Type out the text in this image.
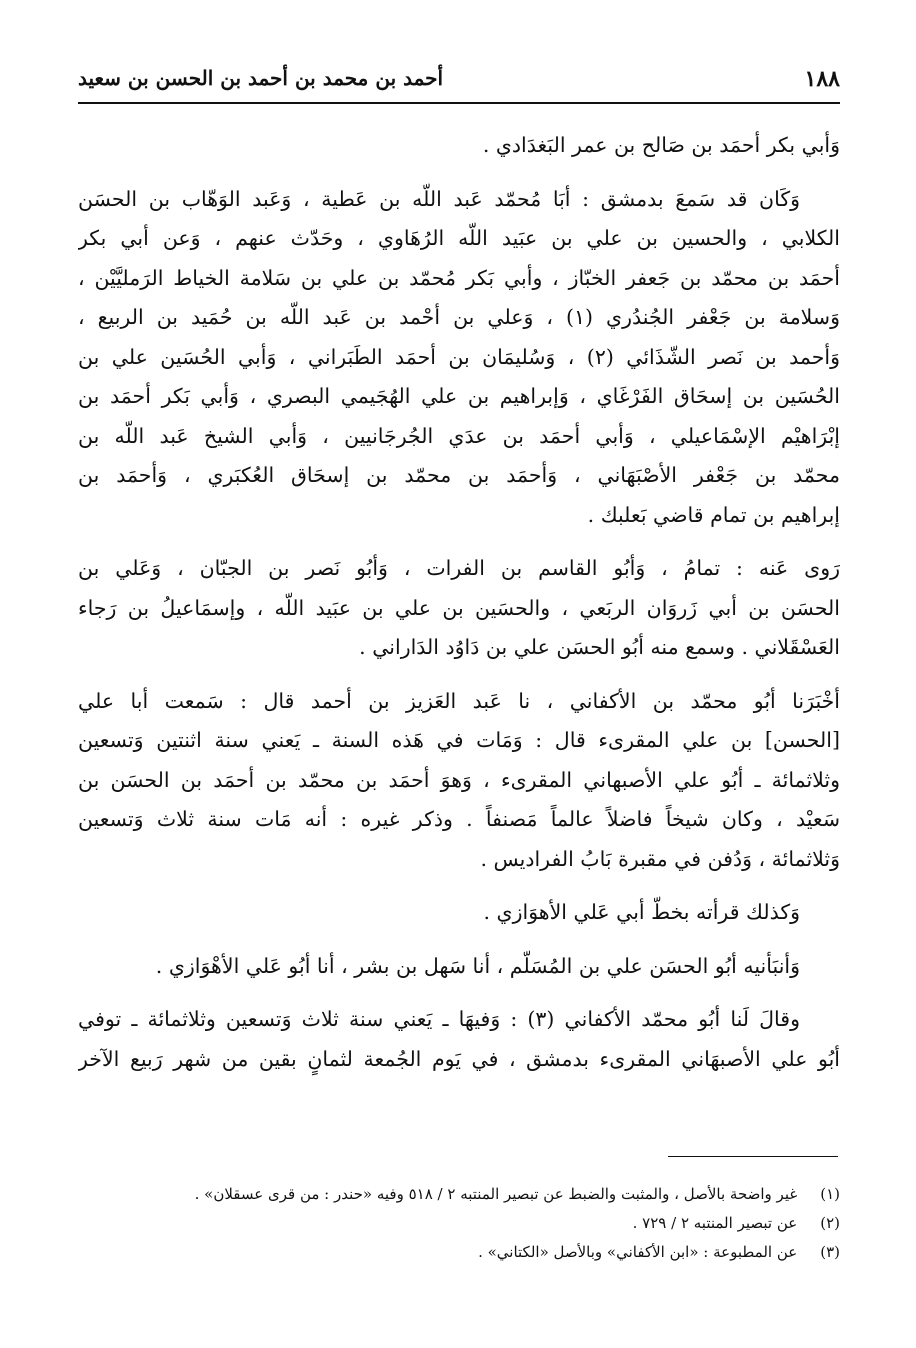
١٨٨
أحمد بن محمد بن أحمد بن الحسن بن سعيد
وَأبي بكر أحمَد بن صَالح بن عمر البَغدَادي .
وَكَان قد سَمعَ بدمشق : أبَا مُحمّد عَبد اللّه بن عَطية ، وَعَبد الوَهّاب بن الحسَن
الكلابي ، والحسين بن علي بن عبَيد اللّه الرُهَاوي ، وحَدّث عنهم ، وَعن أبي بكر
أحمَد بن محمّد بن جَعفر الخبّاز ، وأبي بَكر مُحمّد بن علي بن سَلامة الخياط الرَمليَّيْن ،
وَسلامة بن جَعْفر الجُندُري (١) ، وَعلي بن أحْمد بن عَبد اللّه بن حُمَيد بن الربيع ،
وَأحمد بن نَصر الشّذَائي (٢) ، وَسُليمَان بن أحمَد الطَبَراني ، وَأبي الحُسَين علي بن
الحُسَين بن إسحَاق الفَرْغَاي ، وَإبراهيم بن علي الهُجَيمي البصري ، وَأبي بَكر أحمَد بن
إبْرَاهيْم الإسْمَاعيلي ، وَأبي أحمَد بن عدَي الجُرجَانيين ، وَأبي الشيخ عَبد اللّه بن
محمّد بن جَعْفر الأصْبَهَاني ، وَأحمَد بن محمّد بن إسحَاق العُكبَري ، وَأحمَد بن
إبراهيم بن تمام قاضي بَعلبك .
رَوى عَنه : تمامُ ، وَأبُو القاسم بن الفرات ، وَأبُو نَصر بن الجبّان ، وَعَلي بن
الحسَن بن أبي زَروَان الربَعي ، والحسَين بن علي بن عبَيد اللّه ، وإسمَاعيلُ بن رَجاء
العَسْقَلاني . وسمع منه أبُو الحسَن علي بن دَاوُد الدَاراني .
أخْبَرَنا أبُو محمّد بن الأكفاني ، نا عَبد العَزيز بن أحمد قال : سَمعت أبا علي
[الحسن] بن علي المقرىء قال : وَمَات في هَذه السنة ـ يَعني سنة اثنتين وَتسعين
وثلاثمائة ـ أبُو علي الأصبهاني المقرىء ، وَهوَ أحمَد بن محمّد بن أحمَد بن الحسَن بن
سَعيْد ، وكان شيخاً فاضلاً عالماً مَصنفاً . وذكر غيره : أنه مَات سنة ثلاث وَتسعين
وَثلاثمائة ، وَدُفن في مقبرة بَابُ الفراديس .
وَكذلك قرأته بخطّ أبي عَلي الأهوَازي .
وَأنبَأنيه أبُو الحسَن علي بن المُسَلّم ، أنا سَهل بن بشر ، أنا أبُو عَلي الأهْوَازي .
وقالَ لَنا أبُو محمّد الأكفاني (٣) : وَفيهَا ـ يَعني سنة ثلاث وَتسعين وثلاثمائة ـ توفي
أبُو علي الأصبهَاني المقرىء بدمشق ، في يَوم الجُمعة لثمانٍ بقين من شهر رَبيع الآخر
(١) غير واضحة بالأصل ، والمثبت والضبط عن تبصير المنتبه ٢ / ٥١٨ وفيه «حندر : من قرى عسقلان» .
(٢) عن تبصير المنتبه ٢ / ٧٢٩ .
(٣) عن المطبوعة : «ابن الأكفاني» وبالأصل «الكتاني» .
